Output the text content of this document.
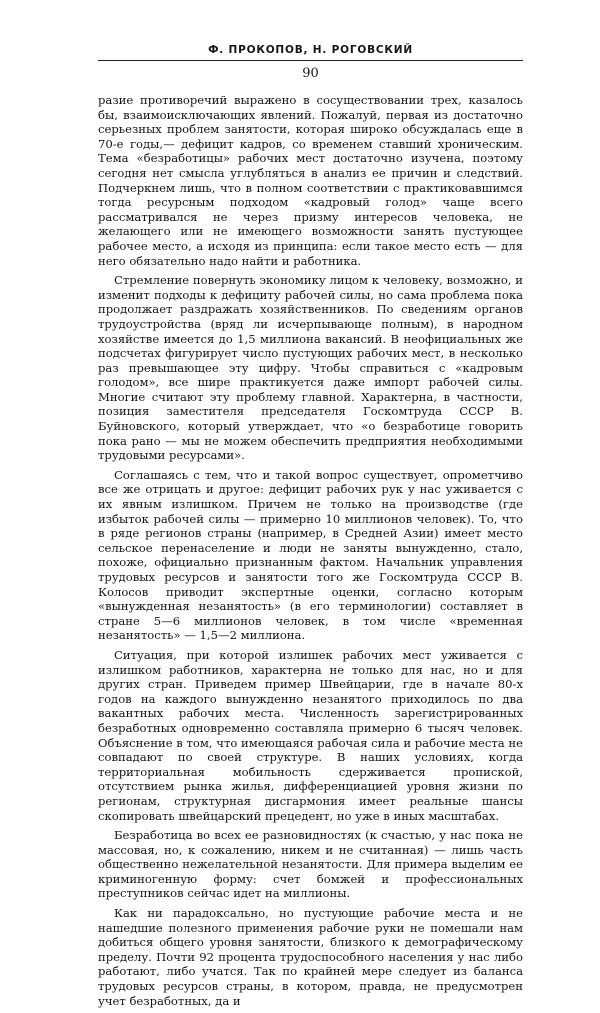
Ф. ПРОКОПОВ, Н. РОГОВСКИЙ
90

разие противоречий выражено в сосуществовании трех, казалось бы, взаимоисключающих явлений. Пожалуй, первая из достаточно серьезных проблем занятости, которая широко обсуждалась еще в 70-е годы,— дефицит кадров, со временем ставший хроническим. Тема «безработицы» рабочих мест достаточно изучена, поэтому сегодня нет смысла углубляться в анализ ее причин и следствий. Подчеркнем лишь, что в полном соответствии с практиковавшимся тогда ресурсным подходом «кадровый голод» чаще всего рассматривался не через призму интересов человека, не желающего или не имеющего возможности занять пустующее рабочее место, а исходя из принципа: если такое место есть — для него обязательно надо найти и работника.

Стремление повернуть экономику лицом к человеку, возможно, и изменит подходы к дефициту рабочей силы, но сама проблема пока продолжает раздражать хозяйственников. По сведениям органов трудоустройства (вряд ли исчерпывающе полным), в народном хозяйстве имеется до 1,5 миллиона вакансий. В неофициальных же подсчетах фигурирует число пустующих рабочих мест, в несколько раз превышающее эту цифру. Чтобы справиться с «кадровым голодом», все шире практикуется даже импорт рабочей силы. Многие считают эту проблему главной. Характерна, в частности, позиция заместителя председателя Госкомтруда СССР В. Буйновского, который утверждает, что «о безработице говорить пока рано — мы не можем обеспечить предприятия необходимыми трудовыми ресурсами».

Соглашаясь с тем, что и такой вопрос существует, опрометчиво все же отрицать и другое: дефицит рабочих рук у нас уживается с их явным излишком. Причем не только на производстве (где избыток рабочей силы — примерно 10 миллионов человек). То, что в ряде регионов страны (например, в Средней Азии) имеет место сельское перенаселение и люди не заняты вынужденно, стало, похоже, официально признанным фактом. Начальник управления трудовых ресурсов и занятости того же Госкомтруда СССР В. Колосов приводит экспертные оценки, согласно которым «вынужденная незанятость» (в его терминологии) составляет в стране 5—6 миллионов человек, в том числе «временная незанятость» — 1,5—2 миллиона.

Ситуация, при которой излишек рабочих мест уживается с излишком работников, характерна не только для нас, но и для других стран. Приведем пример Швейцарии, где в начале 80-х годов на каждого вынужденно незанятого приходилось по два вакантных рабочих места. Численность зарегистрированных безработных одновременно составляла примерно 6 тысяч человек. Объяснение в том, что имеющаяся рабочая сила и рабочие места не совпадают по своей структуре. В наших условиях, когда территориальная мобильность сдерживается пропиской, отсутствием рынка жилья, дифференциацией уровня жизни по регионам, структурная дисгармония имеет реальные шансы скопировать швейцарский прецедент, но уже в иных масштабах.

Безработица во всех ее разновидностях (к счастью, у нас пока не массовая, но, к сожалению, никем и не считанная) — лишь часть общественно нежелательной незанятости. Для примера выделим ее криминогенную форму: счет бомжей и профессиональных преступников сейчас идет на миллионы.

Как ни парадоксально, но пустующие рабочие места и не нашедшие полезного применения рабочие руки не помешали нам добиться общего уровня занятости, близкого к демографическому пределу. Почти 92 процента трудоспособного населения у нас либо работают, либо учатся. Так по крайней мере следует из баланса трудовых ресурсов страны, в котором, правда, не предусмотрен учет безработных, да и
